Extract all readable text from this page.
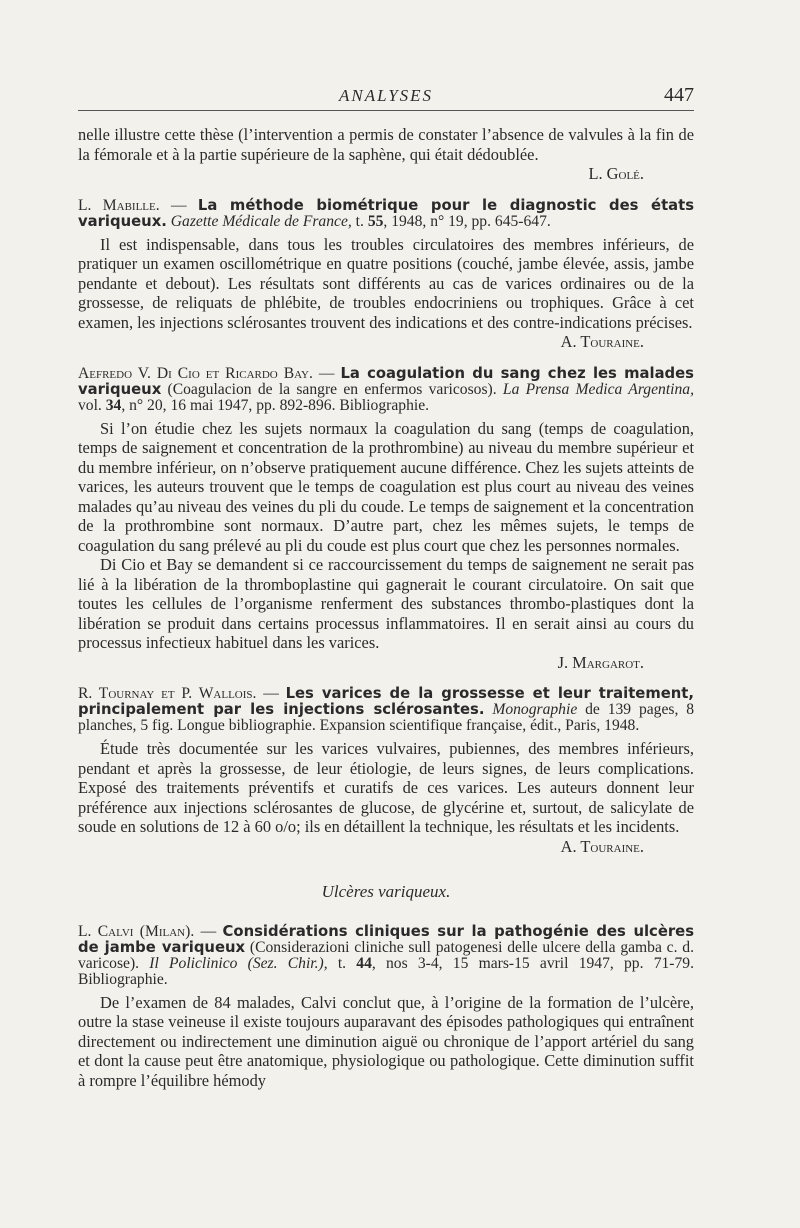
ANALYSES	447

nelle illustre cette thèse (l’intervention a permis de constater l’absence de valvules à la fin de la fémorale et à la partie supérieure de la saphène, qui était dédoublée.

L. Golé.

L. Mabille. — La méthode biométrique pour le diagnostic des états variqueux. Gazette Médicale de France, t. 55, 1948, n° 19, pp. 645-647.

Il est indispensable, dans tous les troubles circulatoires des membres inférieurs, de pratiquer un examen oscillométrique en quatre positions (couché, jambe élevée, assis, jambe pendante et debout). Les résultats sont différents au cas de varices ordinaires ou de la grossesse, de reliquats de phlébite, de troubles endocriniens ou trophiques. Grâce à cet examen, les injections sclérosantes trouvent des indications et des contre-indications précises.

A. Touraine.

Aefredo V. Di Cio et Ricardo Bay. — La coagulation du sang chez les malades variqueux (Coagulacion de la sangre en enfermos varicosos). La Prensa Medica Argentina, vol. 34, n° 20, 16 mai 1947, pp. 892-896. Bibliographie.

Si l’on étudie chez les sujets normaux la coagulation du sang (temps de coagulation, temps de saignement et concentration de la prothrombine) au niveau du membre supérieur et du membre inférieur, on n’observe pratiquement aucune différence. Chez les sujets atteints de varices, les auteurs trouvent que le temps de coagulation est plus court au niveau des veines malades qu’au niveau des veines du pli du coude. Le temps de saignement et la concentration de la prothrombine sont normaux. D’autre part, chez les mêmes sujets, le temps de coagulation du sang prélevé au pli du coude est plus court que chez les personnes normales.

Di Cio et Bay se demandent si ce raccourcissement du temps de saignement ne serait pas lié à la libération de la thromboplastine qui gagnerait le courant circulatoire. On sait que toutes les cellules de l’organisme renferment des substances thrombo-plastiques dont la libération se produit dans certains processus inflammatoires. Il en serait ainsi au cours du processus infectieux habituel dans les varices.

J. Margarot.

R. Tournay et P. Wallois. — Les varices de la grossesse et leur traitement, principalement par les injections sclérosantes. Monographie de 139 pages, 8 planches, 5 fig. Longue bibliographie. Expansion scientifique française, édit., Paris, 1948.

Étude très documentée sur les varices vulvaires, pubiennes, des membres inférieurs, pendant et après la grossesse, de leur étiologie, de leurs signes, de leurs complications. Exposé des traitements préventifs et curatifs de ces varices. Les auteurs donnent leur préférence aux injections sclérosantes de glucose, de glycérine et, surtout, de salicylate de soude en solutions de 12 à 60 o/o; ils en détaillent la technique, les résultats et les incidents.

A. Touraine.

Ulcères variqueux.

L. Calvi (Milan). — Considérations cliniques sur la pathogénie des ulcères de jambe variqueux (Considerazioni cliniche sull patogenesi delle ulcere della gamba c. d. varicose). Il Policlinico (Sez. Chir.), t. 44, nos 3-4, 15 mars-15 avril 1947, pp. 71-79. Bibliographie.

De l’examen de 84 malades, Calvi conclut que, à l’origine de la formation de l’ulcère, outre la stase veineuse il existe toujours auparavant des épisodes pathologiques qui entraînent directement ou indirectement une diminution aiguë ou chronique de l’apport artériel du sang et dont la cause peut être anatomique, physiologique ou pathologique. Cette diminution suffit à rompre l’équilibre hémody
